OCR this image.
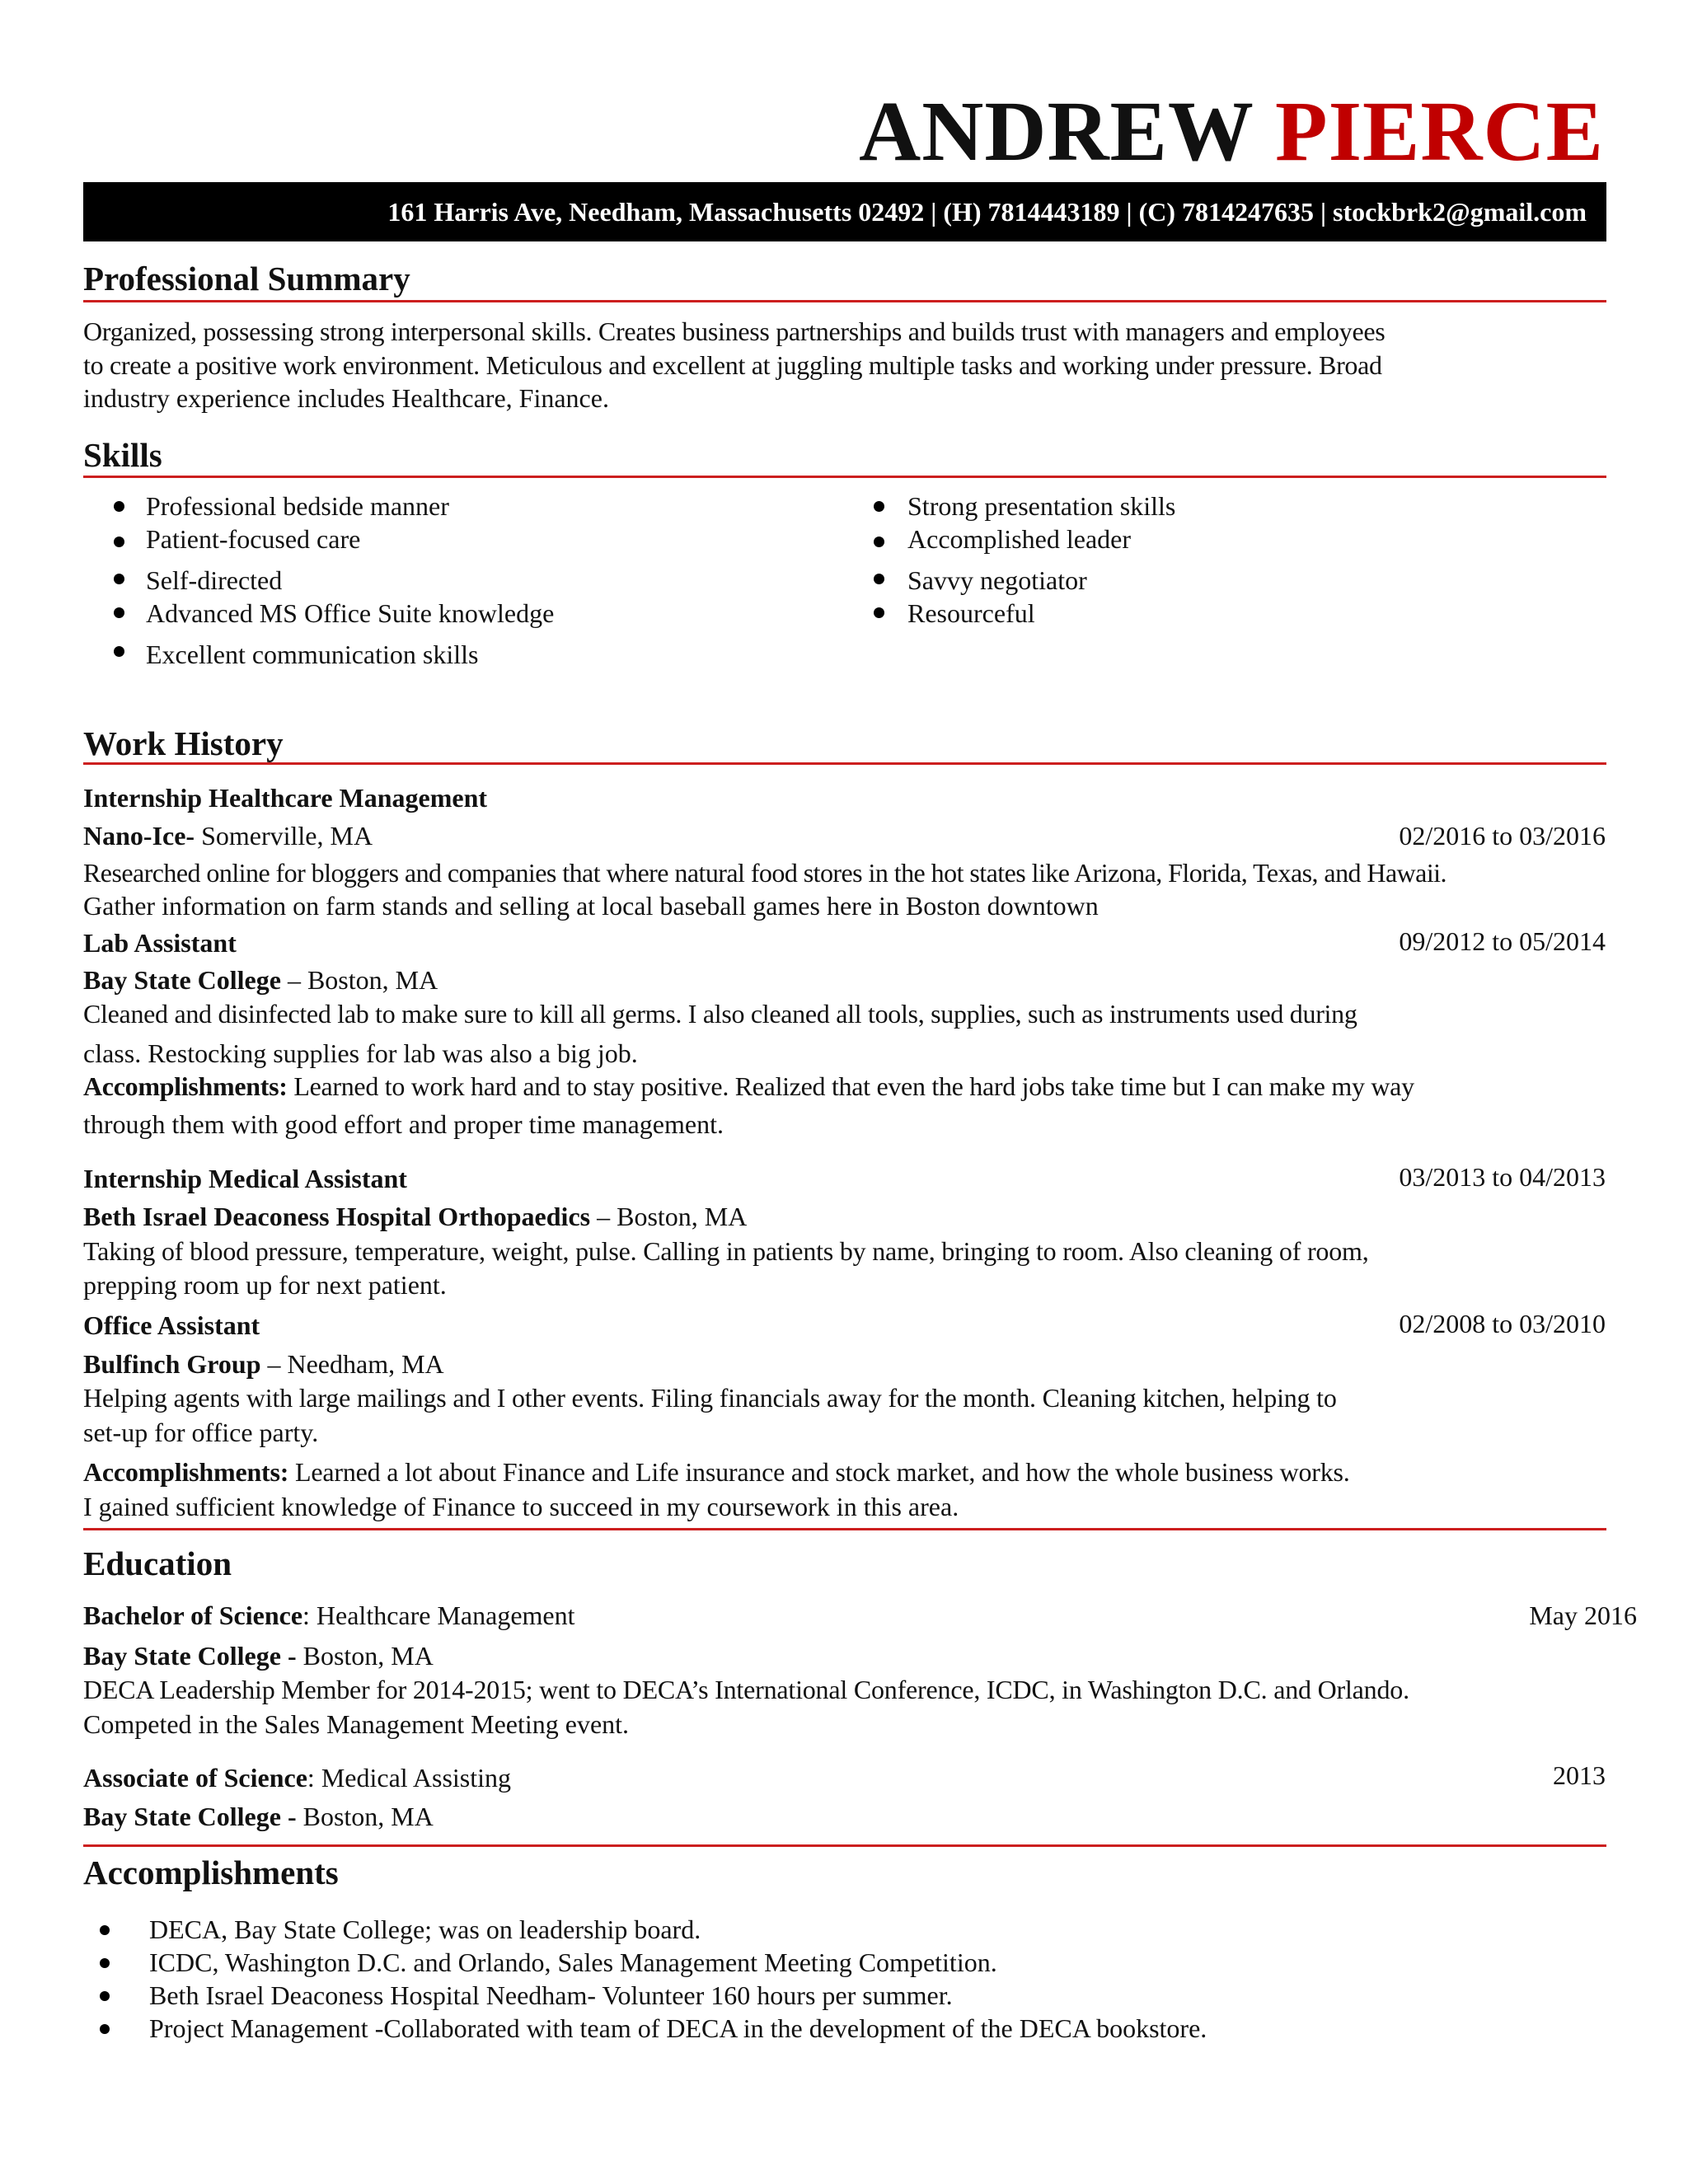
ANDREW PIERCE
161 Harris Ave, Needham, Massachusetts 02492 | (H) 7814443189 | (C) 7814247635 | stockbrk2@gmail.com
Professional Summary
Organized, possessing strong interpersonal skills. Creates business partnerships and builds trust with managers and employees
to create a positive work environment. Meticulous and excellent at juggling multiple tasks and working under pressure. Broad
industry experience includes Healthcare, Finance.
Skills
Professional bedside manner
Patient-focused care
Self-directed
Advanced MS Office Suite knowledge
Excellent communication skills
Strong presentation skills
Accomplished leader
Savvy negotiator
Resourceful
Work History
Internship Healthcare Management
Nano-Ice- Somerville, MA	02/2016 to 03/2016
Researched online for bloggers and companies that where natural food stores in the hot states like Arizona, Florida, Texas, and Hawaii.
Gather information on farm stands and selling at local baseball games here in Boston downtown
Lab Assistant	09/2012 to 05/2014
Bay State College – Boston, MA
Cleaned and disinfected lab to make sure to kill all germs. I also cleaned all tools, supplies, such as instruments used during
class. Restocking supplies for lab was also a big job.
Accomplishments: Learned to work hard and to stay positive. Realized that even the hard jobs take time but I can make my way
through them with good effort and proper time management.
Internship Medical Assistant	03/2013 to 04/2013
Beth Israel Deaconess Hospital Orthopaedics – Boston, MA
Taking of blood pressure, temperature, weight, pulse. Calling in patients by name, bringing to room. Also cleaning of room,
prepping room up for next patient.
Office Assistant	02/2008 to 03/2010
Bulfinch Group – Needham, MA
Helping agents with large mailings and I other events. Filing financials away for the month. Cleaning kitchen, helping to
set-up for office party.
Accomplishments: Learned a lot about Finance and Life insurance and stock market, and how the whole business works.
I gained sufficient knowledge of Finance to succeed in my coursework in this area.
Education
Bachelor of Science: Healthcare Management	May 2016
Bay State College - Boston, MA
DECA Leadership Member for 2014-2015; went to DECA’s International Conference, ICDC, in Washington D.C. and Orlando.
Competed in the Sales Management Meeting event.
Associate of Science: Medical Assisting	2013
Bay State College - Boston, MA
Accomplishments
DECA, Bay State College; was on leadership board.
ICDC, Washington D.C. and Orlando, Sales Management Meeting Competition.
Beth Israel Deaconess Hospital Needham- Volunteer 160 hours per summer.
Project Management -Collaborated with team of DECA in the development of the DECA bookstore.
